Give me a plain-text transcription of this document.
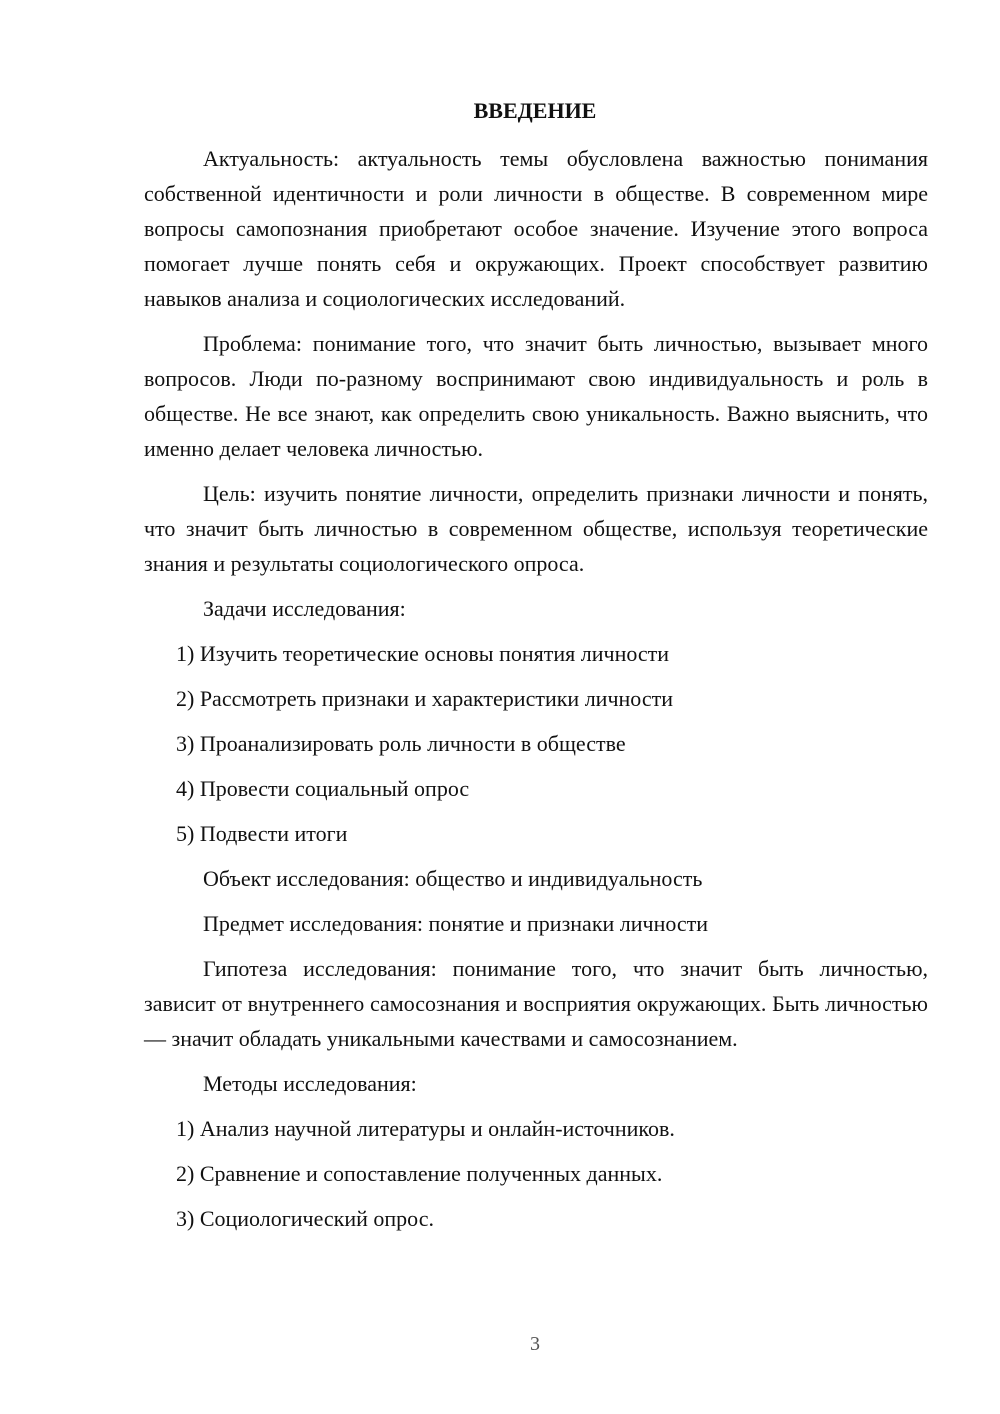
ВВЕДЕНИЕ

Актуальность: актуальность темы обусловлена важностью понимания собственной идентичности и роли личности в обществе. В современном мире вопросы самопознания приобретают особое значение. Изучение этого вопроса помогает лучше понять себя и окружающих. Проект способствует развитию навыков анализа и социологических исследований.

Проблема: понимание того, что значит быть личностью, вызывает много вопросов. Люди по-разному воспринимают свою индивидуальность и роль в обществе. Не все знают, как определить свою уникальность. Важно выяснить, что именно делает человека личностью.

Цель: изучить понятие личности, определить признаки личности и понять, что значит быть личностью в современном обществе, используя теоретические знания и результаты социологического опроса.

Задачи исследования:

1) Изучить теоретические основы понятия личности
2) Рассмотреть признаки и характеристики личности
3) Проанализировать роль личности в обществе
4) Провести социальный опрос
5) Подвести итоги

Объект исследования: общество и индивидуальность

Предмет исследования: понятие и признаки личности

Гипотеза исследования: понимание того, что значит быть личностью, зависит от внутреннего самосознания и восприятия окружающих. Быть личностью — значит обладать уникальными качествами и самосознанием.

Методы исследования:

1) Анализ научной литературы и онлайн-источников.
2) Сравнение и сопоставление полученных данных.
3) Социологический опрос.
3
